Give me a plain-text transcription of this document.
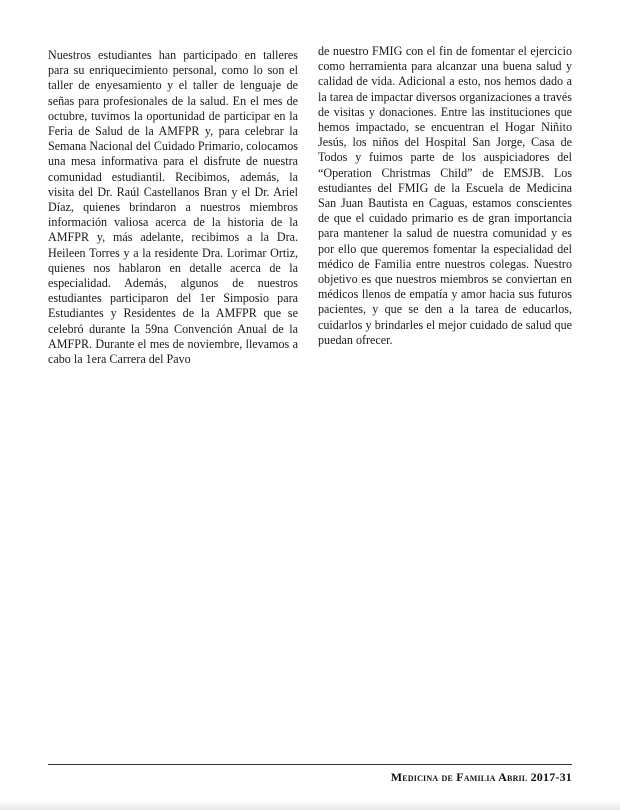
Nuestros estudiantes han participado en talleres para su enriquecimiento personal, como lo son el taller de enyesamiento y el taller de lenguaje de señas para profesionales de la salud. En el mes de octubre, tuvimos la oportunidad de participar en la Feria de Salud de la AMFPR y, para celebrar la Semana Nacional del Cuidado Primario, colocamos una mesa informativa para el disfrute de nuestra comunidad estudiantil. Recibimos, además, la visita del Dr. Raúl Castellanos Bran y el Dr. Ariel Díaz, quienes brindaron a nuestros miembros información valiosa acerca de la historia de la AMFPR y, más adelante, recibimos a la Dra. Heileen Torres y a la residente Dra. Lorimar Ortiz, quienes nos hablaron en detalle acerca de la especialidad. Además, algunos de nuestros estudiantes participaron del 1er Simposio para Estudiantes y Residentes de la AMFPR que se celebró durante la 59na Convención Anual de la AMFPR. Durante el mes de noviembre, llevamos a cabo la 1era Carrera del Pavo
de nuestro FMIG con el fin de fomentar el ejercicio como herramienta para alcanzar una buena salud y calidad de vida. Adicional a esto, nos hemos dado a la tarea de impactar diversos organizaciones a través de visitas y donaciones. Entre las instituciones que hemos impactado, se encuentran el Hogar Niñito Jesús, los niños del Hospital San Jorge, Casa de Todos y fuimos parte de los auspiciadores del “Operation Christmas Child” de EMSJB. Los estudiantes del FMIG de la Escuela de Medicina San Juan Bautista en Caguas, estamos conscientes de que el cuidado primario es de gran importancia para mantener la salud de nuestra comunidad y es por ello que queremos fomentar la especialidad del médico de Familia entre nuestros colegas. Nuestro objetivo es que nuestros miembros se conviertan en médicos llenos de empatía y amor hacia sus futuros pacientes, y que se den a la tarea de educarlos, cuidarlos y brindarles el mejor cuidado de salud que puedan ofrecer.
Medicina de Familia Abril 2017-31
